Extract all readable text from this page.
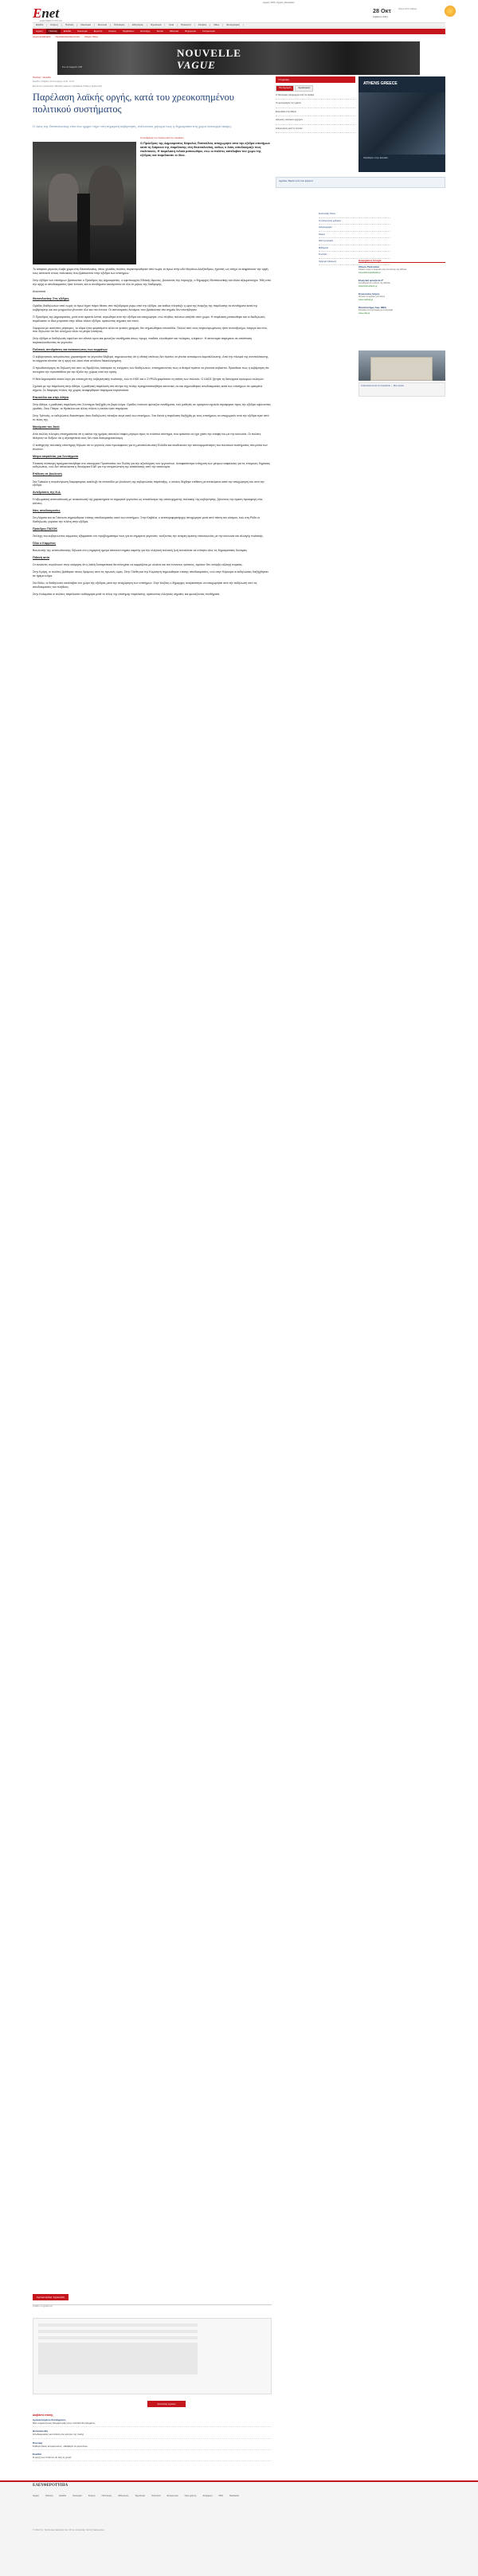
Enet
ELEFTHEROTYPIA.GR
Αρχική | RSS | Αρχείο | Newsletter
28 Οκτ
Σάββατο 2011
Αθήνα 19°C Αίθριος
Ελλάδα	Κόσμος	Πολιτική	Οικονομία	Κοινωνία	Πολιτισμός	Αθλητισμός	Τεχνολογία	Υγεία	Πρόσωπα	Απόψεις	Video	Φωτογραφίες
Αρχική	Πολιτική	Ελλάδα	Οικονομία	Ευρώπη	Κόσμος	Περιβάλλον	Επιστήμη	Τοπικά	Αθλητικά	Ψυχαγωγία	Γαστρονομία
Αρχική EnetEnglish	Περιοδικά Ελευθεροτυπίας	Οδηγός Πόλης
NOUVELLE
VAGUE
live at Gagarin 205
Πολιτική > Ελλάδα
Ελλάδα | Σάββατο 29 Οκτωβρίου 2011, 13:47
Εκτύπωση | Αποστολή | Μέγεθος κειμένου | Facebook | Twitter | Σχόλια (31)
Παρέλαση λαϊκής οργής, κατά του χρεοκοπημένου πολιτικού συστήματος
Ο λαός της Θεσσαλονίκης είπε ένα ηχηρό «όχι» στη σημερινή κυβέρνηση, στέλνοντας μήνυμα πως η δημοκρατία στη χώρα λειτουργεί ακόμη.
Οι αντιδράσεις των πολιτών κατά την παρέλαση
Ο Πρόεδρος της Δημοκρατίας Κάρολος Παπούλιας αποχώρησε από την εξέδρα επισήμων κατά τη διάρκεια της παρέλασης στη Θεσσαλονίκη, καθώς ο λαός αποδοκίμαζε τους πολιτικούς. Η παρέλαση τελικά ματαιώθηκε, ενώ οι πολίτες κατέλαβαν τον χώρο της εξέδρας και παρέλασαν οι ίδιοι.

Το ιστορικό γεγονός έλαβε χώρα στη Θεσσαλονίκη, όπου χιλιάδες πολίτες συγκεντρώθηκαν από νωρίς το πρωί στην οδό Μεγάλου Αλεξάνδρου, έχοντας ως στόχο να εκφράσουν την οργή τους απέναντι στους πολιτικούς που βρίσκονταν στην εξέδρα των επισήμων.

Στην εξέδρα των επισήμων βρίσκονταν ο Πρόεδρος της Δημοκρατίας, ο υφυπουργός Εθνικής Άμυνας, βουλευτές της περιοχής, ο δήμαρχος Θεσσαλονίκης και άλλοι αξιωματούχοι. Ήδη από την αρχή οι αποδοκιμασίες ήταν έντονες και οι συνθήματα ακούγονταν σε όλο το μήκος της διαδρομής.

Αναλυτικά

Θεσσαλονίκη: Στις εξέδρες

Ομάδες διαδηλωτών από νωρίς το πρωί είχαν πάρει θέσεις στα πεζοδρόμια γύρω από την εξέδρα, και καθώς πλησίαζε η ώρα της έναρξης της παρέλασης τα συνθήματα κατά της κυβέρνησης και του μνημονίου γίνονταν όλο και πιο έντονα. Οι αστυνομικές δυνάμεις που βρίσκονταν στο σημείο δεν επενέβησαν.

Ο Πρόεδρος της Δημοκρατίας, μετά από αρκετά λεπτά, σηκώθηκε από την εξέδρα και αποχώρησε, ενώ πλήθος πολιτών εισήλθε στον χώρο. Η παρέλαση ματαιώθηκε και οι διαδηλωτές παρέλασαν οι ίδιοι μπροστά στην άδεια πλέον εξέδρα, κρατώντας σημαίες και πανό.

Σύμφωνα με αυτόπτες μάρτυρες, το κλίμα ήταν φορτισμένο αλλά σε γενικές γραμμές δεν σημειώθηκαν επεισόδια. Πολλοί από τους συγκεντρωμένους ήταν συνταξιούχοι, άνεργοι και νέοι, που δήλωναν ότι δεν αντέχουν άλλο τα μέτρα λιτότητας.

Στην εξέδρα οι διαδηλωτές έψαλλαν τον εθνικό ύμνο και φώναζαν συνθήματα όπως «ψωμί, παιδεία, ελευθερία» και «κλέφτες, κλέφτες». Η αστυνομία παρέμεινε σε απόσταση παρακολουθώντας τα γεγονότα.

Πολιτικές αντιδράσεις και ανακοινώσεις των κομμάτων

Ο κυβερνητικός εκπρόσωπος χαρακτήρισε τα γεγονότα θλιβερά, σημειώνοντας ότι η εθνική επέτειος δεν πρέπει να γίνεται αντικείμενο εκμετάλλευσης. Από την πλευρά της αντιπολίτευσης, τα κόμματα τόνισαν ότι η οργή του λαού είναι απόλυτα δικαιολογημένη.

Ο πρωθυπουργός σε δήλωσή του από τις Βρυξέλλες κατέκρινε τις ενέργειες των διαδηλωτών, επισημαίνοντας πως οι θεσμοί πρέπει να γίνονται σεβαστοί. Πρόσθεσε πως η κυβέρνηση θα συνεχίσει την προσπάθεια για την έξοδο της χώρας από την κρίση.

Η Νέα Δημοκρατία έκανε λόγο για αποτυχία της κυβερνητικής πολιτικής, ενώ το ΚΚΕ και ο ΣΥΡΙΖΑ χαιρέτισαν τη στάση των πολιτών. Ο ΛΑΟΣ ζήτησε τη διενέργεια πρόωρων εκλογών.

Σχετικά με την παρέλαση στην Αθήνα, η μαθητική παρέλαση στο κέντρο της πόλης πραγματοποιήθηκε κανονικά, αν και σημειώθηκαν αποδοκιμασίες κατά των επισήμων σε ορισμένα σημεία. Σε διάφορες πόλεις της χώρας αναφέρθηκαν παρόμοια περιστατικά.

Επεισόδια και στην Αθήνα

Στην Αθήνα, η μαθητική παρέλαση στο Σύνταγμα διεξήχθη σε βαρύ κλίμα. Ομάδες πολιτών φώναζαν συνθήματα, ενώ μαθητές σε ορισμένα σχολεία στράφηκαν προς την εξέδρα υψώνοντας γροθιές. Στην Πάτρα, το Ηράκλειο και άλλες πόλεις η εικόνα ήταν παρόμοια.

Στην Τρίπολη, οι εκδηλώσεις διακόπηκαν όταν διαδηλωτές πέταξαν αυγά κατά των επισήμων. Στα Χανιά η παρέλαση διεξήχθη με τους επισήμους να αποχωρούν από την εξέδρα πριν από το τέλος της.

Μηνύματα του λαού

Από πολλές πλευρές επισημαίνεται ότι η εικόνα της ημέρας αποτελεί σαφές μήνυμα προς το πολιτικό σύστημα, που φαίνεται να έχει χάσει την επαφή του με την κοινωνία. Οι πολίτες θέλησαν να δείξουν ότι η αξιοπρέπειά τους δεν είναι διαπραγματεύσιμη.

Ο καθηγητής πολιτικής επιστήμης δήλωσε ότι το γεγονός είναι πρωτοφανές για τη μεταπολιτευτική Ελλάδα και αναδεικνύει την απονομιμοποίηση του πολιτικού συστήματος στα μάτια των πολιτών.

Μέτρα ασφαλείας για Συντάγματα

Έκτακτη σύσκεψη πραγματοποιήθηκε στο υπουργείο Προστασίας του Πολίτη για την αξιολόγηση των γεγονότων. Αποφασίστηκε ενίσχυση των μέτρων ασφαλείας για τις επόμενες δημόσιες εκδηλώσεις, ενώ δεν αποκλείεται η διενέργεια ΕΔΕ για την αντιμετώπιση της κατάστασης από την αστυνομία.

Επίθεση σε βουλευτή

Στα Τρίκαλα η συγκέντρωση διαμαρτυρίας κατέληξε σε επεισόδιο με βουλευτή της κυβερνώσας παράταξης, ο οποίος δέχθηκε επίθεση με αντικείμενα κατά την αποχώρησή του από την εξέδρα.

Αντιδράσεις της Ν.Δ.

Η αξιωματική αντιπολίτευση με ανακοίνωσή της χαρακτήρισε τα σημερινά γεγονότα ως αποτέλεσμα της αποτυχημένης πολιτικής της κυβέρνησης, ζητώντας την άμεση προσφυγή στις κάλπες.

Νέες αποδοκιμασίες

Στη Λάρισα και τα Γιάννενα σημειώθηκαν επίσης αποδοκιμασίες κατά των επισήμων. Στην Καβάλα, ο αντιπεριφερειάρχης αποχώρησε μετά από πίεση του κόσμου, ενώ στη Ρόδο οι διαδηλωτές γύρισαν την πλάτη στην εξέδρα.

Πρόεδρος ΠΑΣΟΚ

Στελέχη του κυβερνώντος κόμματος εξέφρασαν τον προβληματισμό τους για τα σημερινά γεγονότα, τονίζοντας την ανάγκη άμεσης επικοινωνίας με την κοινωνία και αλλαγής πολιτικής.

Όλοι ο Καμμένος

Βουλευτής της αντιπολίτευσης δήλωσε ότι η σημερινή ημέρα αποτελεί σημείο καμπής για την ελληνική πολιτική ζωή και κάλεσε σε ενότητα όλες τις δημοκρατικές δυνάμεις.

Πιθανή αιτία

Οι αναλυτές συγκλίνουν στην εκτίμηση ότι η λαϊκή δυσαρέσκεια θα συνεχίσει να εκφράζεται με ολοένα και πιο έντονους τρόπους, εφόσον δεν υπάρξει αλλαγή πορείας.

Στην Κρήτη, οι πολίτες βρέθηκαν στους δρόμους από τις πρωινές ώρες. Στην Ξάνθη και την Κομοτηνή σημειώθηκαν επίσης αποδοκιμασίες, ενώ στην Κέρκυρα οι εκδηλώσεις διεξήχθησαν σε ήρεμο κλίμα.

Στο Βόλο, οι διαδηλωτές κατέλαβαν τον χώρο της εξέδρας μετά την αναχώρηση των επισήμων. Στην Κοζάνη ο δήμαρχος αναγκάστηκε να αποχωρήσει από την εκδήλωση υπό τις αποδοκιμασίες του πλήθους.

Στην Καλαμάτα οι πολίτες παρέλασαν αυθόρμητα μετά το τέλος της επίσημης παρέλασης, κρατώντας ελληνικές σημαίες και φωνάζοντας συνθήματα.

Σχετικά άρθρα: Σχόλια(31)
Γράψτε το σχόλιό σας
Αποστολή σχολίου
Διαβάστε επίσης
Αγανακτισμένοι Συντάγματος
Νέα συγκέντρωση διαμαρτυρίας στην πλατεία Συντάγματος
Θεσσαλονίκη
Αποδοκιμασίες και ένταση στο κέντρο της πόλης
Πολιτική
Κυβερνητικός εκπρόσωπος: «Θλιβερά τα γεγονότα»
Ελλάδα
Η οργή των πολιτών σε όλη τη χώρα
Υπηρεσίες
Πιο δημοφιλή	Σχολιασμένα
Ο Παπούλιας αποχώρησε από την εξέδρα
Οι φωτογραφίες της ημέρας
Επεισόδια στην Αθήνα
Δηλώσεις πολιτικών αρχηγών
Η Ευρωζώνη μετά τη σύνοδο
ATHENS GREECE
Ταξιδέψτε στην Ελλάδα
Αγγελίες: Βρείτε αυτό που ψάχνετε
Συνέντευξη Τύπου
Οι αναγνώστες γράφουν
Αλληλογραφία
Καιρός
Νέα της αγοράς
Μαθήματα
Συνταγές
Χρήσιμα τηλέφωνα	Διαφημίσεις Google
Athens Park Hotel
Κλείστε τώρα το δωμάτιό σας στο κέντρο της Αθήνας
www.athensparkhotel.gr
Ελληνική φιλοξενία 4*
Ξενοδοχείο στο κέντρο της Αθήνας
www.hotel-athens.gr
Κοινωνικός Ιατρός
Ιατρικές υπηρεσίες για όλους
www.medical.gr
Πανεπιστήμιο Ακρ. MBA
Σπουδές στο εξωτερικό με υποτροφία
www.mba.gr
Η Ελευθεροτυπία στο Facebook — Μου αρέσει
ΕΛΕΥΘΕΡΟΤΥΠΙΑ
Αρχική	Πολιτική	Ελλάδα	Οικονομία	Κόσμος	Πολιτισμός	Αθλητισμός	Τεχνολογία	Ταυτότητα	Επικοινωνία	Όροι χρήσης	Διαφήμιση	RSS	Newsletter
© 2011 Χ.Κ. Τεγόπουλος Εκδόσεις Α.Ε. Με την επιφύλαξη παντός δικαιώματος.
